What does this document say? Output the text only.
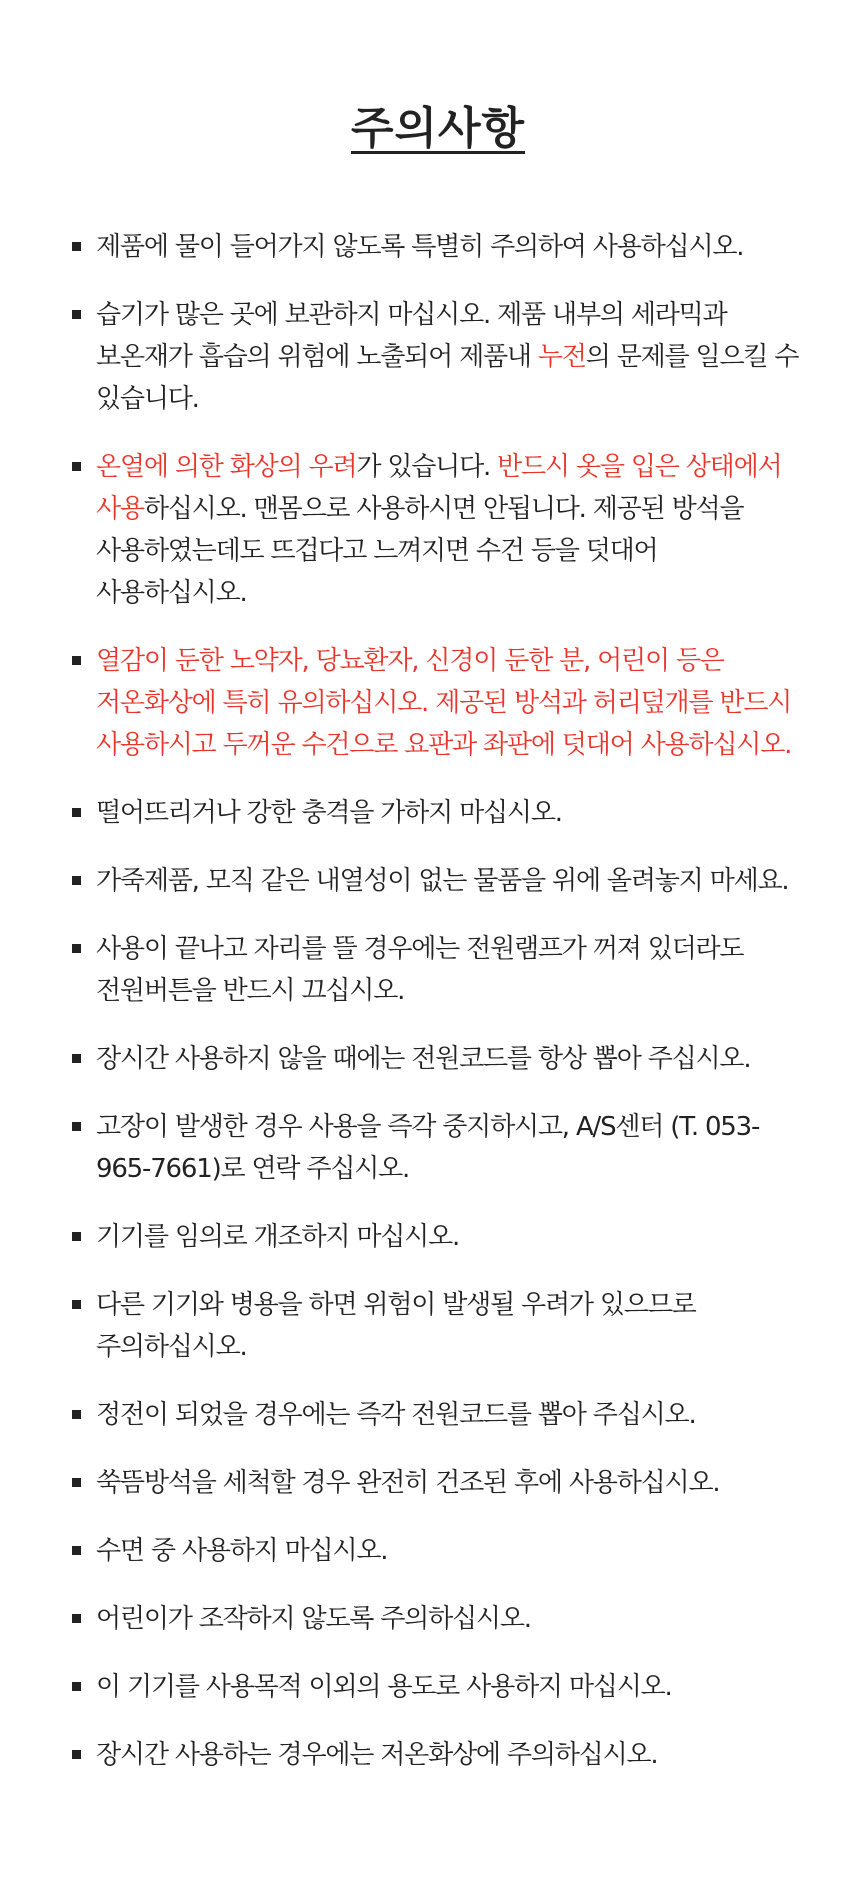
주의사항
제품에 물이 들어가지 않도록 특별히 주의하여 사용하십시오.
습기가 많은 곳에 보관하지 마십시오. 제품 내부의 세라믹과 보온재가 흡습의 위험에 노출되어 제품내 누전의 문제를 일으킬 수 있습니다.
온열에 의한 화상의 우려가 있습니다. 반드시 옷을 입은 상태에서 사용하십시오. 맨몸으로 사용하시면 안됩니다. 제공된 방석을 사용하였는데도 뜨겁다고 느껴지면 수건 등을 덧대어 사용하십시오.
열감이 둔한 노약자, 당뇨환자, 신경이 둔한 분, 어린이 등은 저온화상에 특히 유의하십시오. 제공된 방석과 허리덮개를 반드시 사용하시고 두꺼운 수건으로 요판과 좌판에 덧대어 사용하십시오.
떨어뜨리거나 강한 충격을 가하지 마십시오.
가죽제품, 모직 같은 내열성이 없는 물품을 위에 올려놓지 마세요.
사용이 끝나고 자리를 뜰 경우에는 전원램프가 꺼져 있더라도 전원버튼을 반드시 끄십시오.
장시간 사용하지 않을 때에는 전원코드를 항상 뽑아 주십시오.
고장이 발생한 경우 사용을 즉각 중지하시고, A/S센터 (T. 053-965-7661)로 연락 주십시오.
기기를 임의로 개조하지 마십시오.
다른 기기와 병용을 하면 위험이 발생될 우려가 있으므로 주의하십시오.
정전이 되었을 경우에는 즉각 전원코드를 뽑아 주십시오.
쑥뜸방석을 세척할 경우 완전히 건조된 후에 사용하십시오.
수면 중 사용하지 마십시오.
어린이가 조작하지 않도록 주의하십시오.
이 기기를 사용목적 이외의 용도로 사용하지 마십시오.
장시간 사용하는 경우에는 저온화상에 주의하십시오.
